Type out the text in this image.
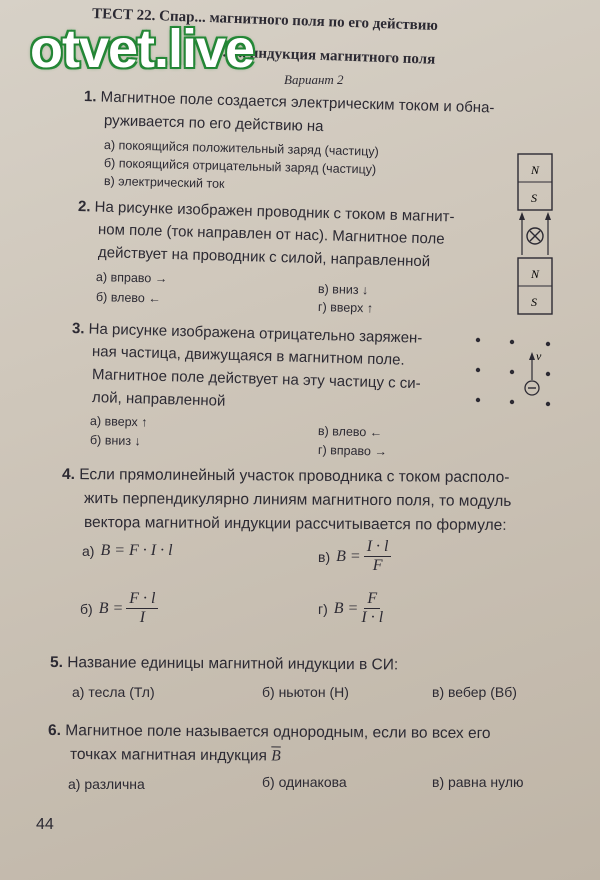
ТЕСТ 22. Спар... магнитного поля по его действию
...ч... индукция магнитного поля
Вариант 2
otvet.live
1. Магнитное поле создается электрическим током и обна-
руживается по его действию на
а) покоящийся положительный заряд (частицу)
б) покоящийся отрицательный заряд (частицу)
в) электрический ток
2. На рисунке изображен проводник с током в магнит-
ном поле (ток направлен от нас). Магнитное поле
действует на проводник с силой, направленной
а) вправо →
б) влево ←
в) вниз ↓
г) вверх ↑
N
S
N
S
3. На рисунке изображена отрицательно заряжен-
ная частица, движущаяся в магнитном поле.
Магнитное поле действует на эту частицу с си-
лой, направленной
а) вверх ↑
б) вниз ↓
в) влево ←
г) вправо →
v
4. Если прямолинейный участок проводника с током располо-
жить перпендикулярно линиям магнитного поля, то модуль
вектора магнитной индукции рассчитывается по формуле:
а) B = F · I · l	в) $B = \frac{I \cdot l}{F}$
б) $B = \frac{F \cdot l}{I}$	г) $B = \frac{F}{I \cdot l}$
5. Название единицы магнитной индукции в СИ:
а) тесла (Тл)	б) ньютон (Н)	в) вебер (Вб)
6. Магнитное поле называется однородным, если во всех его
точках магнитная индукция $\overline{B}$
а) различна	б) одинакова	в) равна нулю
44
